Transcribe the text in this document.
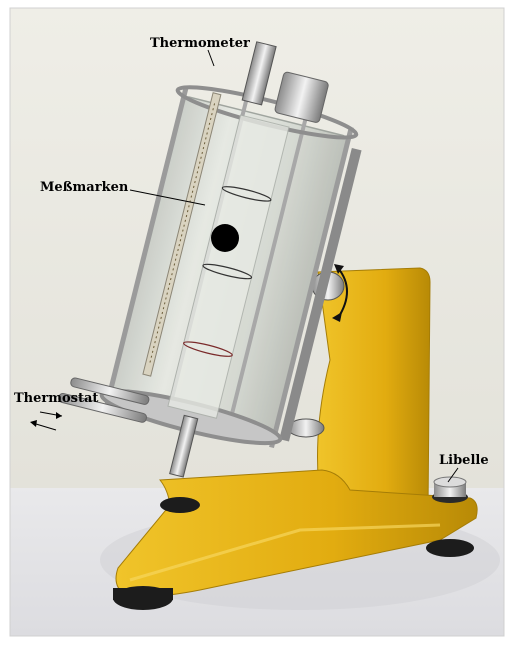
Thermometer
Meßmarken
Thermostat
Libelle
